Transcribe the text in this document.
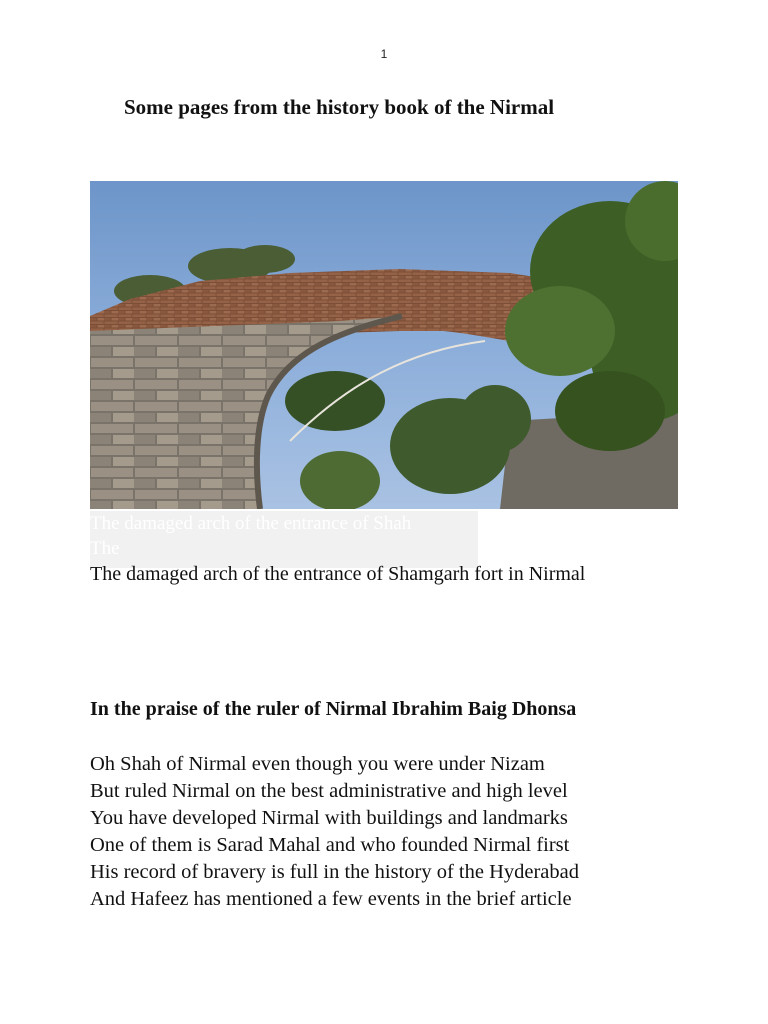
1
Some pages from the history book of the Nirmal
The damaged arch of the entrance of Shah
The

The damaged arch of the entrance of Shamgarh fort in Nirmal

In the praise of the ruler of Nirmal Ibrahim Baig Dhonsa
Oh Shah of Nirmal even though you were under Nizam
But ruled Nirmal on the best administrative and high level
You have developed Nirmal with buildings and landmarks
One of them is Sarad Mahal and who founded Nirmal first
His record of bravery is full in the history of the Hyderabad
And Hafeez has mentioned a few events in the brief article
